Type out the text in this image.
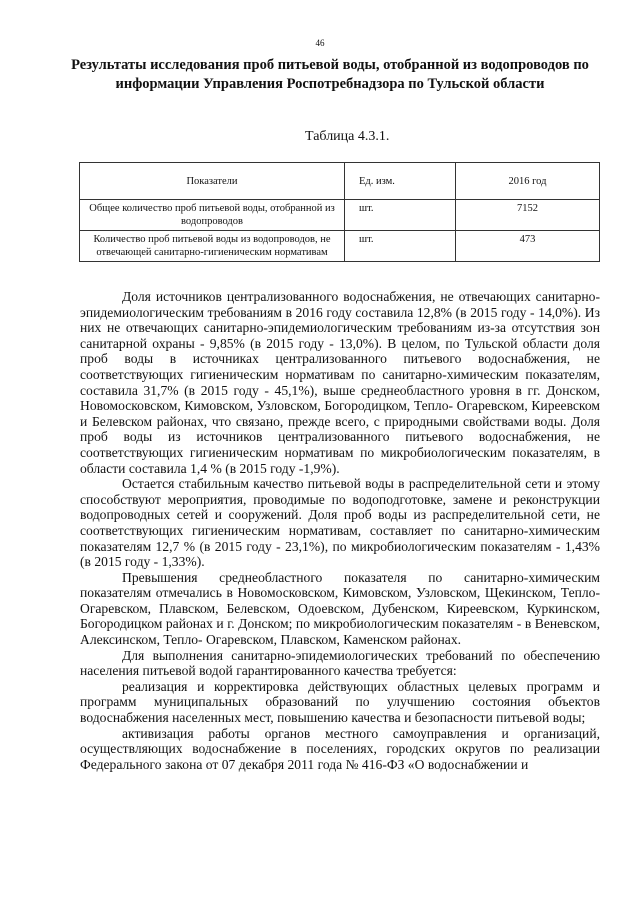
46
Результаты исследования проб питьевой воды, отобранной из водопроводов по информации Управления Роспотребнадзора по Тульской области
Таблица 4.3.1.
Показатели	Ед. изм.	2016 год
Общее количество проб питьевой воды, отобранной из водопроводов	шт.	7152
Количество проб питьевой воды из водопроводов, не отвечающей санитарно-гигиеническим нормативам	шт.	473

Доля источников централизованного водоснабжения, не отвечающих санитарно-эпидемиологическим требованиям в 2016 году составила 12,8% (в 2015 году - 14,0%). Из них не отвечающих санитарно-эпидемиологическим требованиям из-за отсутствия зон санитарной охраны - 9,85% (в 2015 году - 13,0%). В целом, по Тульской области доля проб воды в источниках централизованного питьевого водоснабжения, не соответствующих гигиеническим нормативам по санитарно-химическим показателям, составила 31,7% (в 2015 году - 45,1%), выше среднеобластного уровня в гг. Донском, Новомосковском, Кимовском, Узловском, Богородицком, Тепло- Огаревском, Киреевском и Белевском районах, что связано, прежде всего, с природными свойствами воды. Доля проб воды из источников централизованного питьевого водоснабжения, не соответствующих гигиеническим нормативам по микробиологическим показателям, в области составила 1,4 % (в 2015 году -1,9%).

Остается стабильным качество питьевой воды в распределительной сети и этому способствуют мероприятия, проводимые по водоподготовке, замене и реконструкции водопроводных сетей и сооружений. Доля проб воды из распределительной сети, не соответствующих гигиеническим нормативам, составляет по санитарно-химическим показателям 12,7 % (в 2015 году - 23,1%), по микробиологическим показателям - 1,43% (в 2015 году - 1,33%).

Превышения среднеобластного показателя по санитарно-химическим показателям отмечались в Новомосковском, Кимовском, Узловском, Щекинском, Тепло-Огаревском, Плавском, Белевском, Одоевском, Дубенском, Киреевском, Куркинском, Богородицком районах и г. Донском; по микробиологическим показателям - в Веневском, Алексинском, Тепло- Огаревском, Плавском, Каменском районах.

Для выполнения санитарно-эпидемиологических требований по обеспечению населения питьевой водой гарантированного качества требуется:

реализация и корректировка действующих областных целевых программ и программ муниципальных образований по улучшению состояния объектов водоснабжения населенных мест, повышению качества и безопасности питьевой воды;

активизация работы органов местного самоуправления и организаций, осуществляющих водоснабжение в поселениях, городских округов по реализации Федерального закона от 07 декабря 2011 года № 416-ФЗ «О водоснабжении и
